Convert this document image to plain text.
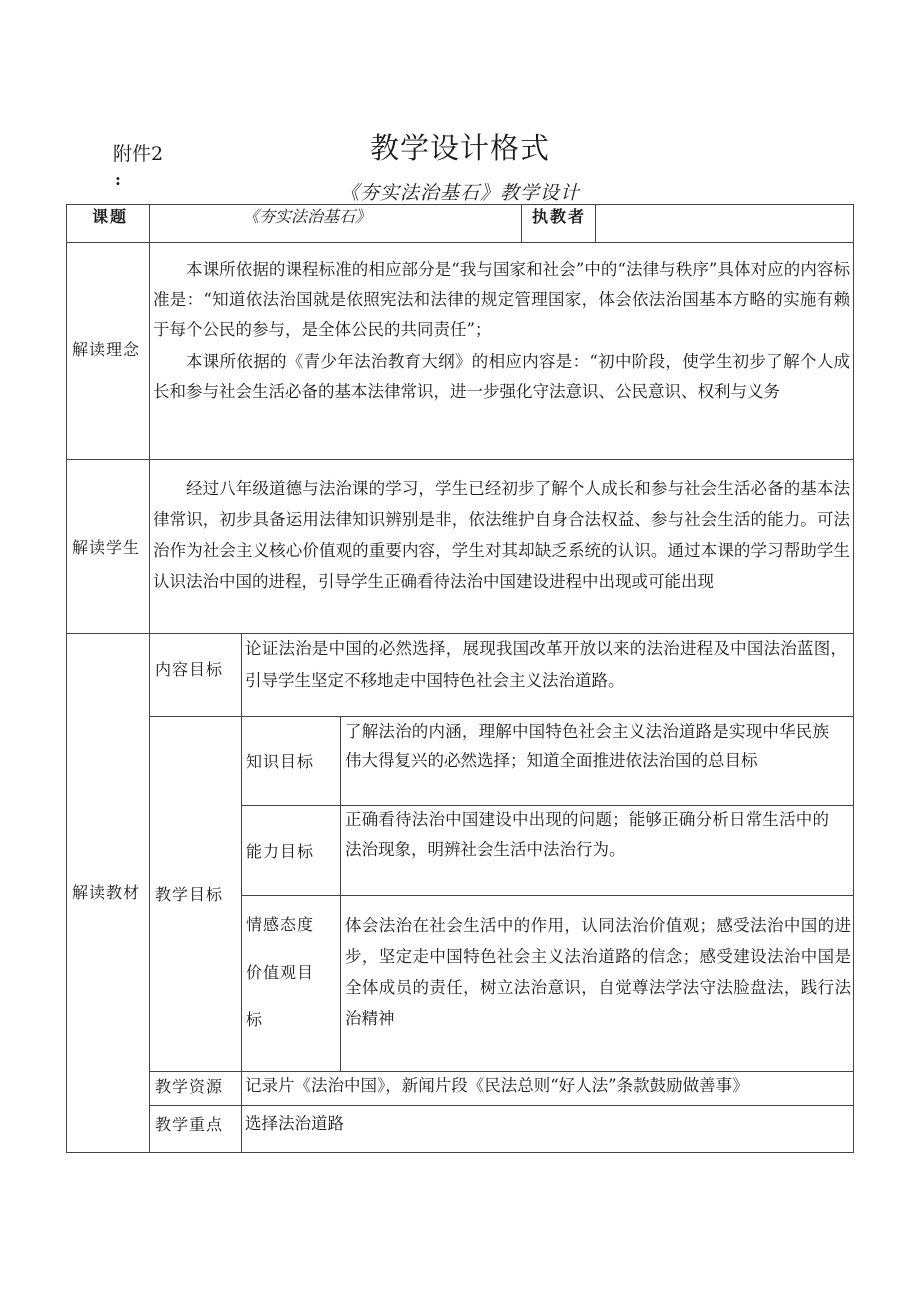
附件2
:
教学设计格式
《夯实法治基石》教学设计
课题	《夯实法治基石》	执教者
解读理念

本课所依据的课程标准的相应部分是“我与国家和社会”中的“法律与秩序”具体对应的内容标准是：“知道依法治国就是依照宪法和法律的规定管理国家，体会依法治国基本方略的实施有赖于每个公民的参与，是全体公民的共同责任”；

本课所依据的《青少年法治教育大纲》的相应内容是：“初中阶段，使学生初步了解个人成长和参与社会生活必备的基本法律常识，进一步强化守法意识、公民意识、权利与义务

解读学生

经过八年级道德与法治课的学习，学生已经初步了解个人成长和参与社会生活必备的基本法律常识，初步具备运用法律知识辨别是非，依法维护自身合法权益、参与社会生活的能力。可法治作为社会主义核心价值观的重要内容，学生对其却缺乏系统的认识。通过本课的学习帮助学生认识法治中国的进程，引导学生正确看待法治中国建设进程中出现或可能出现

解读教材
内容目标
论证法治是中国的必然选择，展现我国改革开放以来的法治进程及中国法治蓝图，引导学生坚定不移地走中国特色社会主义法治道路。
教学目标
知识目标
了解法治的内涵，理解中国特色社会主义法治道路是实现中华民族伟大得复兴的必然选择；知道全面推进依法治国的总目标
能力目标
正确看待法治中国建设中出现的问题；能够正确分析日常生活中的法治现象，明辨社会生活中法治行为。
情感态度
价值观目
标
体会法治在社会生活中的作用，认同法治价值观；感受法治中国的进步，坚定走中国特色社会主义法治道路的信念；感受建设法治中国是全体成员的责任，树立法治意识，自觉尊法学法守法脸盘法，践行法治精神
教学资源 记录片《法治中国》，新闻片段《民法总则“好人法”条款鼓励做善事》
教学重点 选择法治道路
